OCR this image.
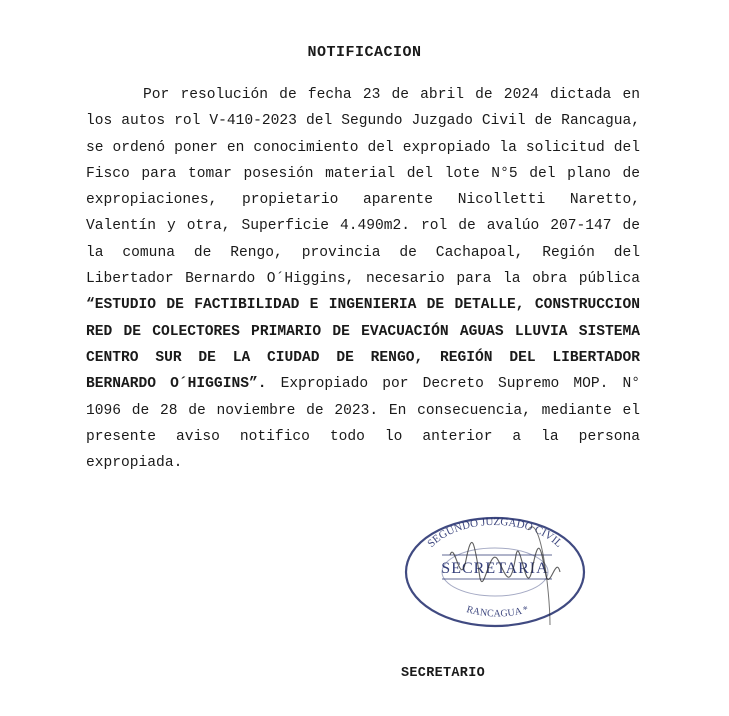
NOTIFICACION

Por resolución de fecha 23 de abril de 2024 dictada en los autos rol V-410-2023 del Segundo Juzgado Civil de Rancagua, se ordenó poner en conocimiento del expropiado la solicitud del Fisco para tomar posesión material del lote N°5 del plano de expropiaciones, propietario aparente Nicolletti Naretto, Valentín y otra, Superficie 4.490m2. rol de avalúo 207-147 de la comuna de Rengo, provincia de Cachapoal, Región del Libertador Bernardo O´Higgins, necesario para la obra pública “ESTUDIO DE FACTIBILIDAD E INGENIERIA DE DETALLE, CONSTRUCCION RED DE COLECTORES PRIMARIO DE EVACUACIÓN AGUAS LLUVIA SISTEMA CENTRO SUR DE LA CIUDAD DE RENGO, REGIÓN DEL LIBERTADOR BERNARDO O´HIGGINS”. Expropiado por Decreto Supremo MOP. N° 1096 de 28 de noviembre de 2023. En consecuencia, mediante el presente aviso notifico todo lo anterior a la persona expropiada.

SEGUNDO JUZGADO CIVIL
SECRETARIA
RANCAGUA *
SECRETARIO
